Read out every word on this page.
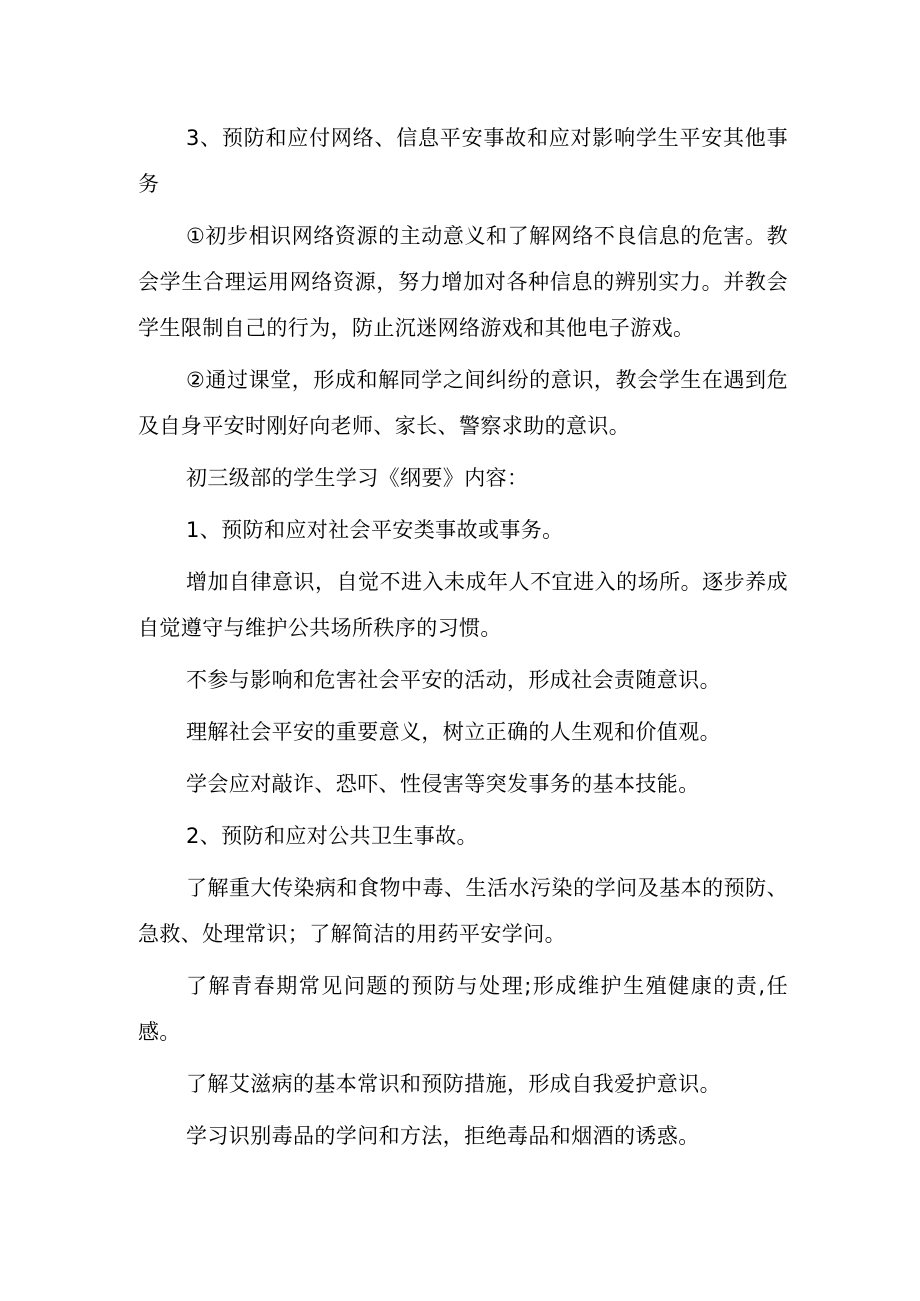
3、预防和应付网络、信息平安事故和应对影响学生平安其他事务

①初步相识网络资源的主动意义和了解网络不良信息的危害。教会学生合理运用网络资源，努力增加对各种信息的辨别实力。并教会学生限制自己的行为，防止沉迷网络游戏和其他电子游戏。

②通过课堂，形成和解同学之间纠纷的意识，教会学生在遇到危及自身平安时刚好向老师、家长、警察求助的意识。

初三级部的学生学习《纲要》内容：

1、预防和应对社会平安类事故或事务。

增加自律意识，自觉不进入未成年人不宜进入的场所。逐步养成自觉遵守与维护公共场所秩序的习惯。

不参与影响和危害社会平安的活动，形成社会责随意识。

理解社会平安的重要意义，树立正确的人生观和价值观。

学会应对敲诈、恐吓、性侵害等突发事务的基本技能。

2、预防和应对公共卫生事故。

了解重大传染病和食物中毒、生活水污染的学问及基本的预防、急救、处理常识；了解简洁的用药平安学问。

了解青春期常见问题的预防与处理;形成维护生殖健康的责,任感。

了解艾滋病的基本常识和预防措施，形成自我爱护意识。

学习识别毒品的学问和方法，拒绝毒品和烟酒的诱惑。
